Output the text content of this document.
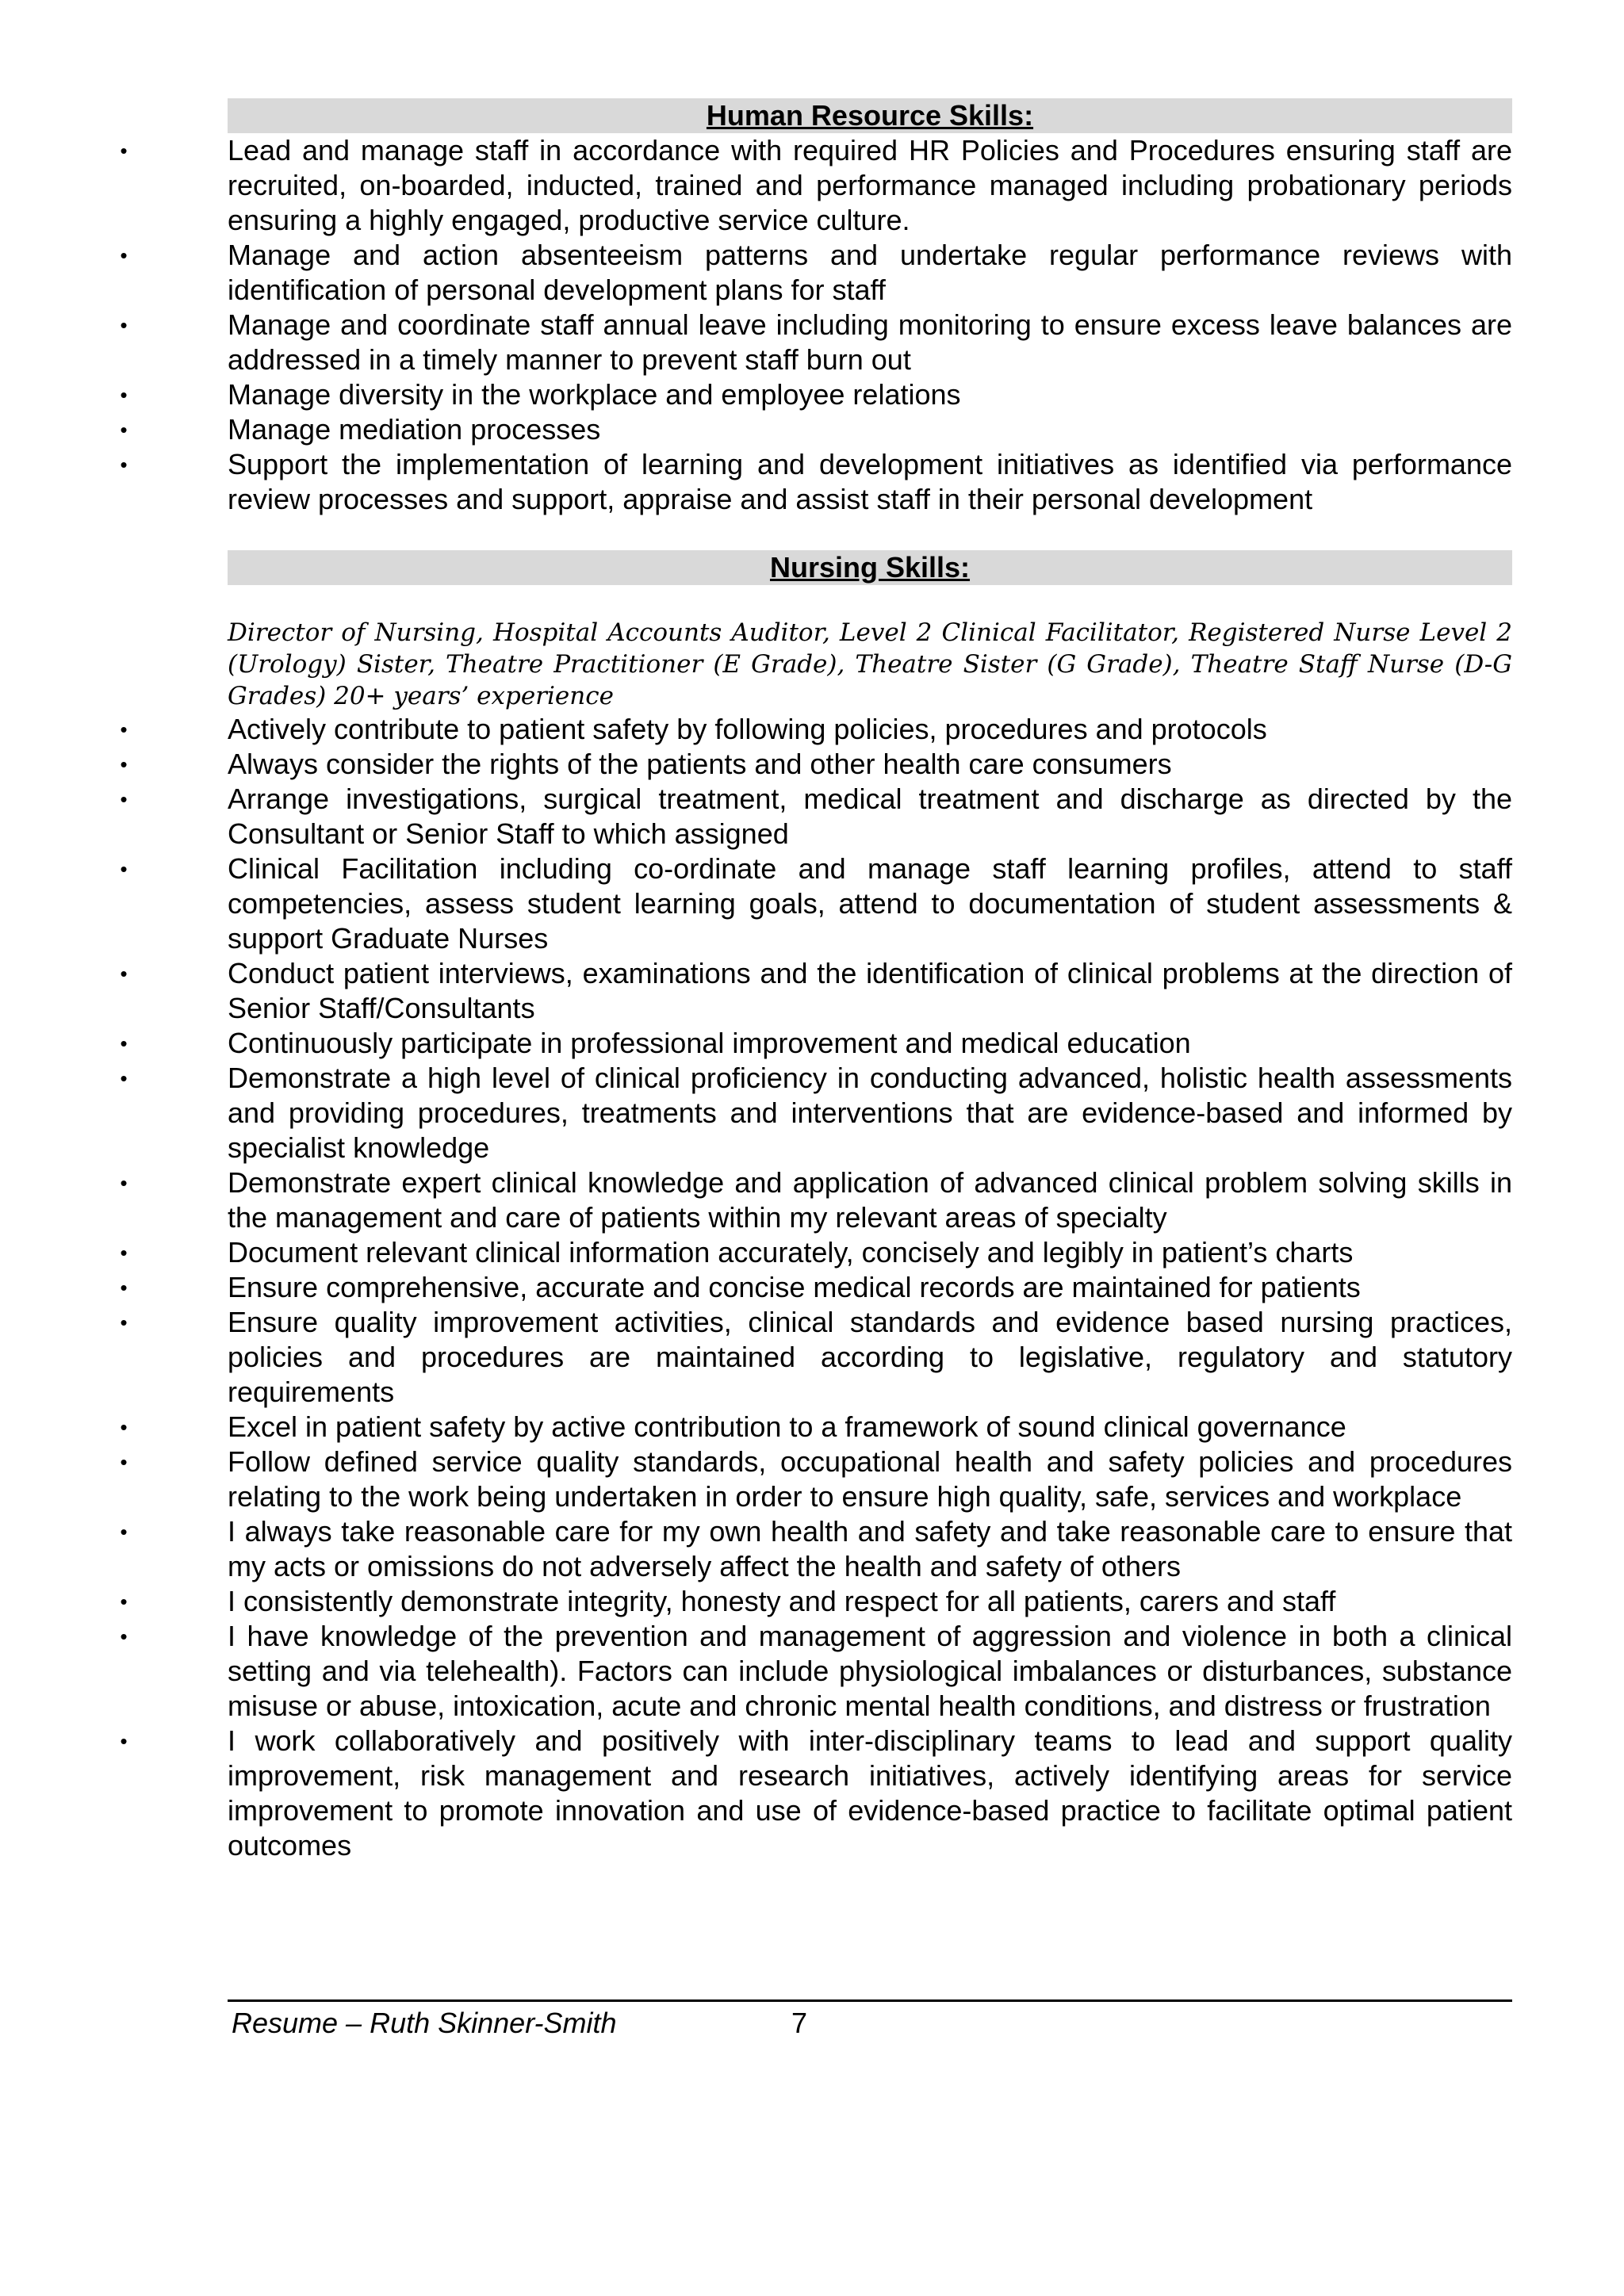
Human Resource Skills:
•	Lead and manage staff in accordance with required HR Policies and Procedures ensuring staff are recruited, on-boarded, inducted, trained and performance managed including probationary periods ensuring a highly engaged, productive service culture.
•	Manage and action absenteeism patterns and undertake regular performance reviews with identification of personal development plans for staff
•	Manage and coordinate staff annual leave including monitoring to ensure excess leave balances are addressed in a timely manner to prevent staff burn out
•	Manage diversity in the workplace and employee relations
•	Manage mediation processes
•	Support the implementation of learning and development initiatives as identified via performance review processes and support, appraise and assist staff in their personal development
Nursing Skills:
Director of Nursing, Hospital Accounts Auditor, Level 2 Clinical Facilitator, Registered Nurse Level 2 (Urology) Sister, Theatre Practitioner (E Grade), Theatre Sister (G Grade), Theatre Staff Nurse (D-G Grades) 20+ years’ experience
•	Actively contribute to patient safety by following policies, procedures and protocols
•	Always consider the rights of the patients and other health care consumers
•	Arrange investigations, surgical treatment, medical treatment and discharge as directed by the Consultant or Senior Staff to which assigned
•	Clinical Facilitation including co-ordinate and manage staff learning profiles, attend to staff competencies, assess student learning goals, attend to documentation of student assessments & support Graduate Nurses
•	Conduct patient interviews, examinations and the identification of clinical problems at the direction of Senior Staff/Consultants
•	Continuously participate in professional improvement and medical education
•	Demonstrate a high level of clinical proficiency in conducting advanced, holistic health assessments and providing procedures, treatments and interventions that are evidence-based and informed by specialist knowledge
•	Demonstrate expert clinical knowledge and application of advanced clinical problem solving skills in the management and care of patients within my relevant areas of specialty
•	Document relevant clinical information accurately, concisely and legibly in patient’s charts
•	Ensure comprehensive, accurate and concise medical records are maintained for patients
•	Ensure quality improvement activities, clinical standards and evidence based nursing practices, policies and procedures are maintained according to legislative, regulatory and statutory requirements
•	Excel in patient safety by active contribution to a framework of sound clinical governance
•	Follow defined service quality standards, occupational health and safety policies and procedures relating to the work being undertaken in order to ensure high quality, safe, services and workplace
•	I always take reasonable care for my own health and safety and take reasonable care to ensure that my acts or omissions do not adversely affect the health and safety of others
•	I consistently demonstrate integrity, honesty and respect for all patients, carers and staff
•	I have knowledge of the prevention and management of aggression and violence in both a clinical setting and via telehealth). Factors can include physiological imbalances or disturbances, substance misuse or abuse, intoxication, acute and chronic mental health conditions, and distress or frustration
•	I work collaboratively and positively with inter-disciplinary teams to lead and support quality improvement, risk management and research initiatives, actively identifying areas for service improvement to promote innovation and use of evidence-based practice to facilitate optimal patient outcomes
Resume – Ruth Skinner-Smith	7
